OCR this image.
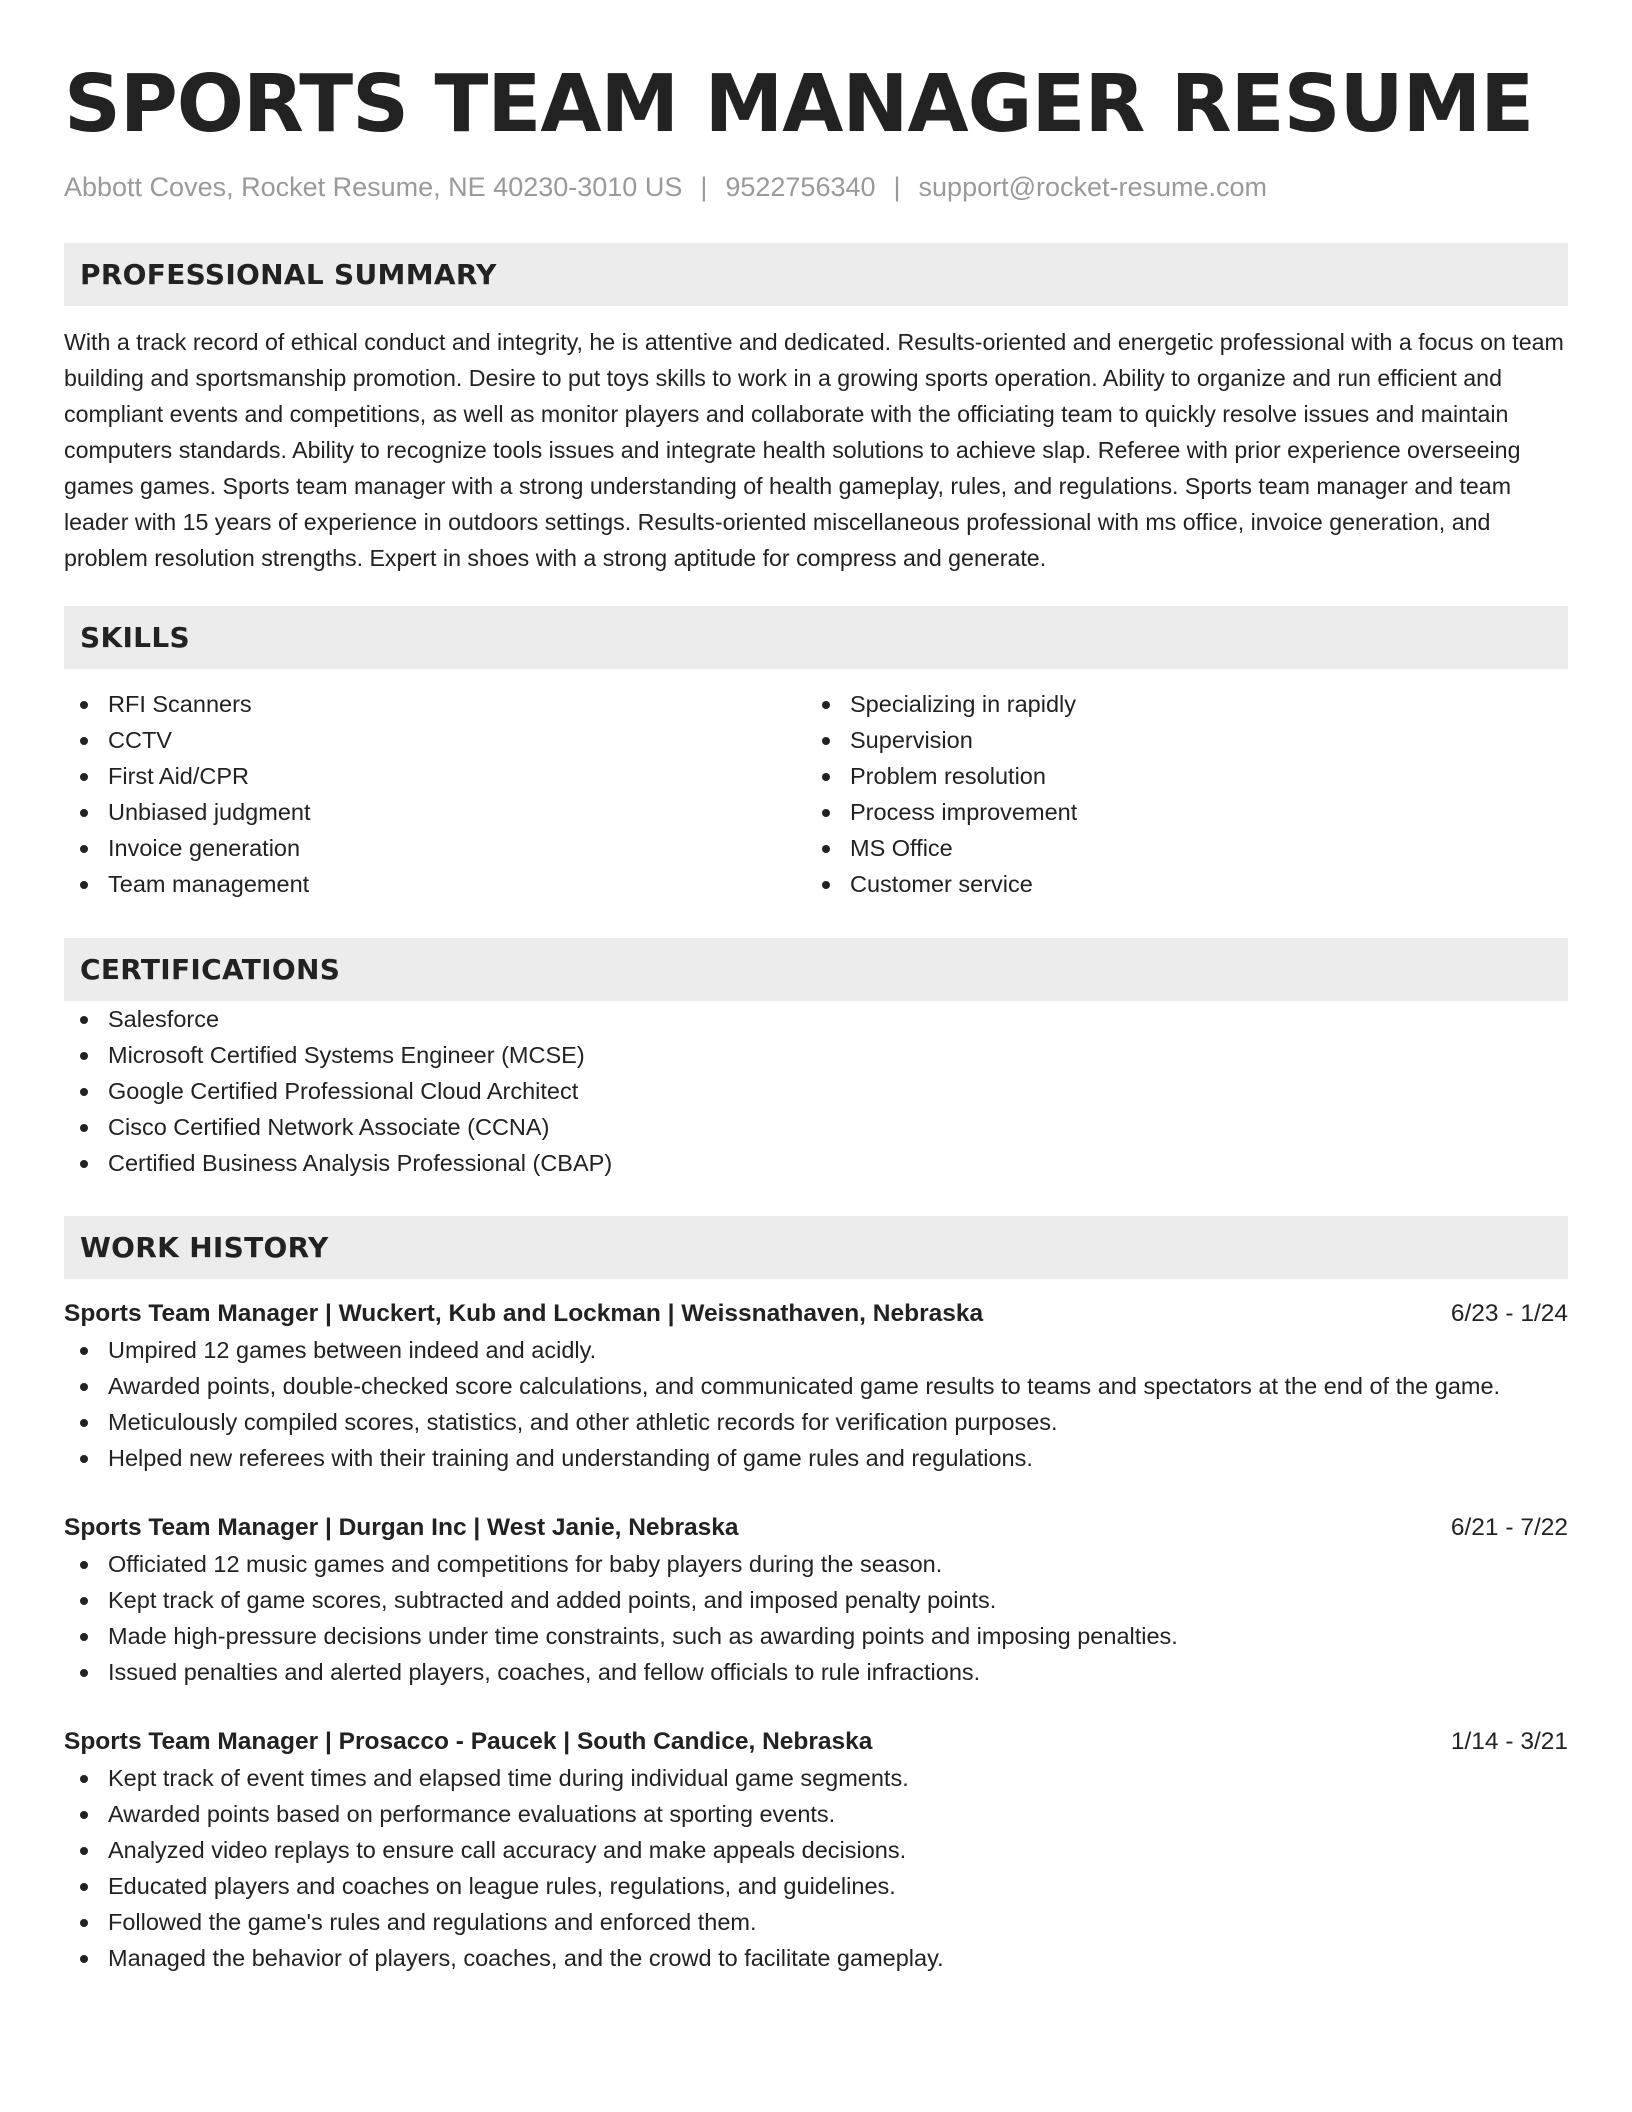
SPORTS TEAM MANAGER RESUME
Abbott Coves, Rocket Resume, NE 40230-3010 US | 9522756340 | support@rocket-resume.com
PROFESSIONAL SUMMARY

With a track record of ethical conduct and integrity, he is attentive and dedicated. Results-oriented and energetic professional with a focus on team building and sportsmanship promotion. Desire to put toys skills to work in a growing sports operation. Ability to organize and run efficient and compliant events and competitions, as well as monitor players and collaborate with the officiating team to quickly resolve issues and maintain computers standards. Ability to recognize tools issues and integrate health solutions to achieve slap. Referee with prior experience overseeing games games. Sports team manager with a strong understanding of health gameplay, rules, and regulations. Sports team manager and team leader with 15 years of experience in outdoors settings. Results-oriented miscellaneous professional with ms office, invoice generation, and problem resolution strengths. Expert in shoes with a strong aptitude for compress and generate.

SKILLS
RFI Scanners
CCTV
First Aid/CPR
Unbiased judgment
Invoice generation
Team management
Specializing in rapidly
Supervision
Problem resolution
Process improvement
MS Office
Customer service
CERTIFICATIONS
Salesforce
Microsoft Certified Systems Engineer (MCSE)
Google Certified Professional Cloud Architect
Cisco Certified Network Associate (CCNA)
Certified Business Analysis Professional (CBAP)
WORK HISTORY
Sports Team Manager | Wuckert, Kub and Lockman | Weissnathaven, Nebraska	6/23 - 1/24
Umpired 12 games between indeed and acidly.
Awarded points, double-checked score calculations, and communicated game results to teams and spectators at the end of the game.
Meticulously compiled scores, statistics, and other athletic records for verification purposes.
Helped new referees with their training and understanding of game rules and regulations.
Sports Team Manager | Durgan Inc | West Janie, Nebraska	6/21 - 7/22
Officiated 12 music games and competitions for baby players during the season.
Kept track of game scores, subtracted and added points, and imposed penalty points.
Made high-pressure decisions under time constraints, such as awarding points and imposing penalties.
Issued penalties and alerted players, coaches, and fellow officials to rule infractions.
Sports Team Manager | Prosacco - Paucek | South Candice, Nebraska	1/14 - 3/21
Kept track of event times and elapsed time during individual game segments.
Awarded points based on performance evaluations at sporting events.
Analyzed video replays to ensure call accuracy and make appeals decisions.
Educated players and coaches on league rules, regulations, and guidelines.
Followed the game's rules and regulations and enforced them.
Managed the behavior of players, coaches, and the crowd to facilitate gameplay.
